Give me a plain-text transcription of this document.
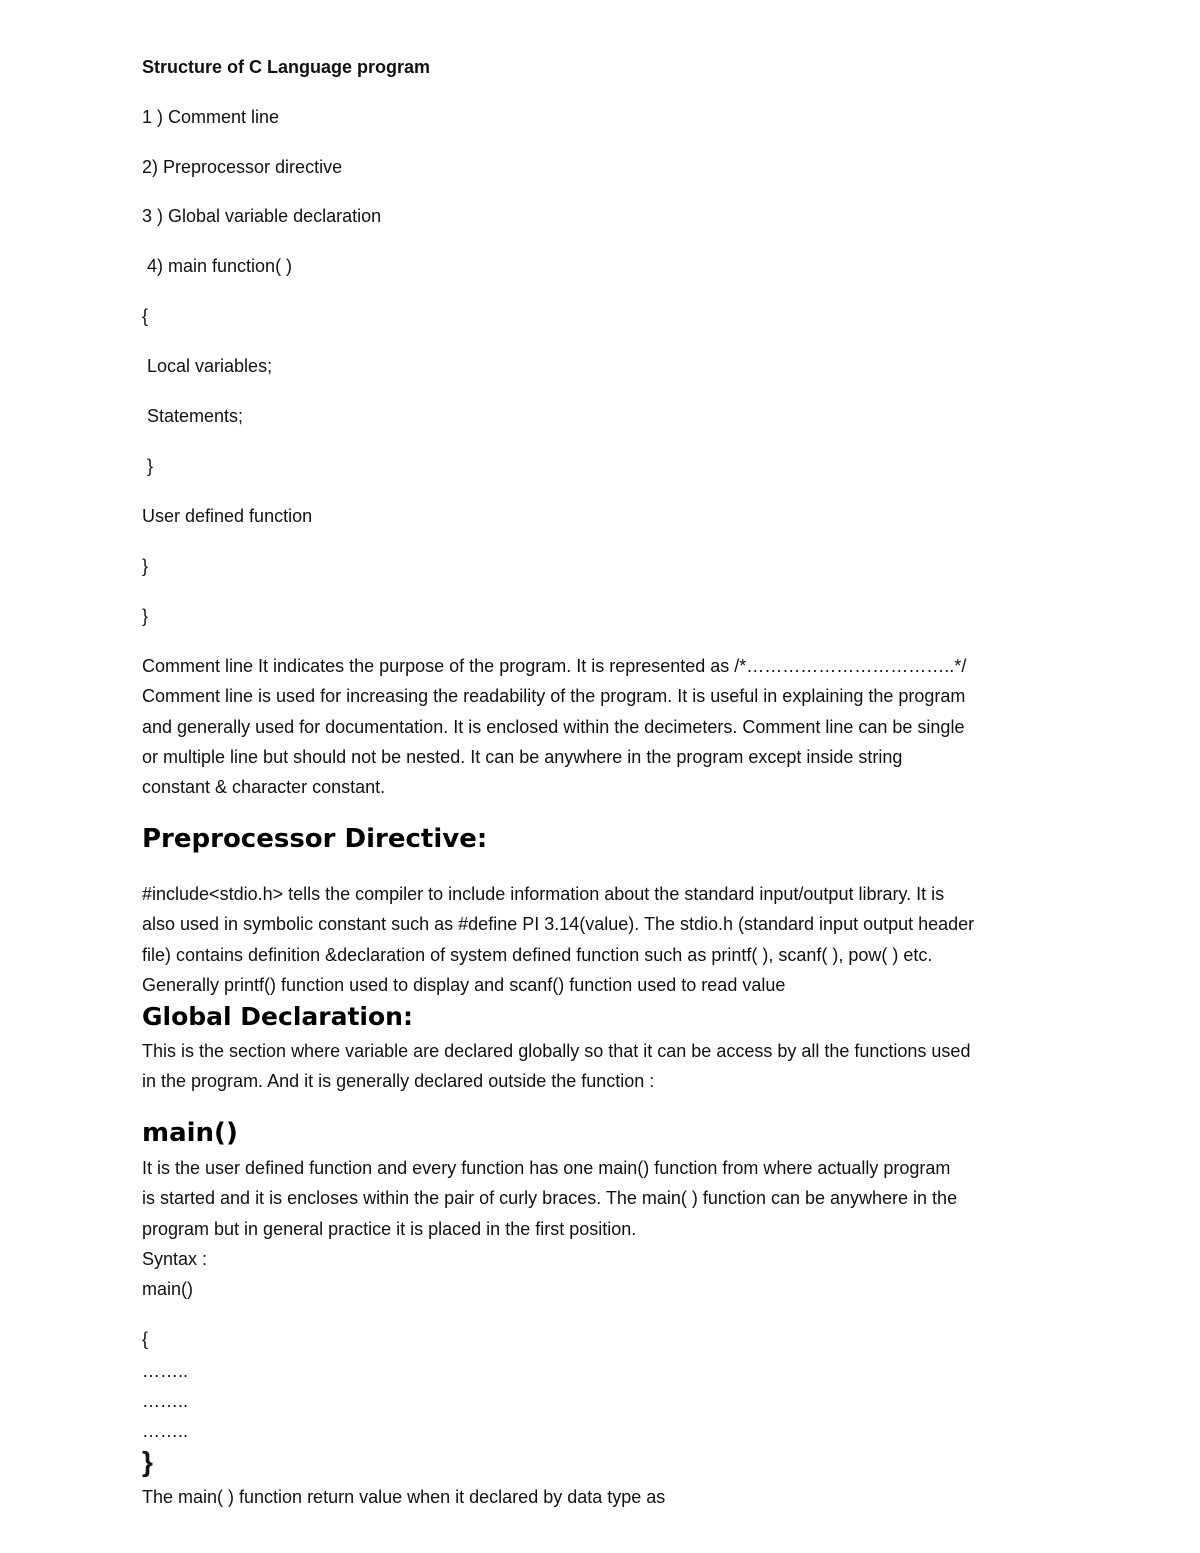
Structure of C Language program
1 ) Comment line
2) Preprocessor directive
3 ) Global variable declaration
4) main function( )
{
Local variables;
Statements;
}
User defined function
}
}
Comment line It indicates the purpose of the program. It is represented as /*……………………………..*/
Comment line is used for increasing the readability of the program. It is useful in explaining the program
and generally used for documentation. It is enclosed within the decimeters. Comment line can be single
or multiple line but should not be nested. It can be anywhere in the program except inside string
constant & character constant.
Preprocessor Directive:
#include<stdio.h> tells the compiler to include information about the standard input/output library. It is
also used in symbolic constant such as #define PI 3.14(value). The stdio.h (standard input output header
file) contains definition &declaration of system defined function such as printf( ), scanf( ), pow( ) etc.
Generally printf() function used to display and scanf() function used to read value
Global Declaration:
This is the section where variable are declared globally so that it can be access by all the functions used
in the program. And it is generally declared outside the function :
main()
It is the user defined function and every function has one main() function from where actually program
is started and it is encloses within the pair of curly braces. The main( ) function can be anywhere in the
program but in general practice it is placed in the first position.
Syntax :
main()
{
……..
……..
……..
}
The main( ) function return value when it declared by data type as
